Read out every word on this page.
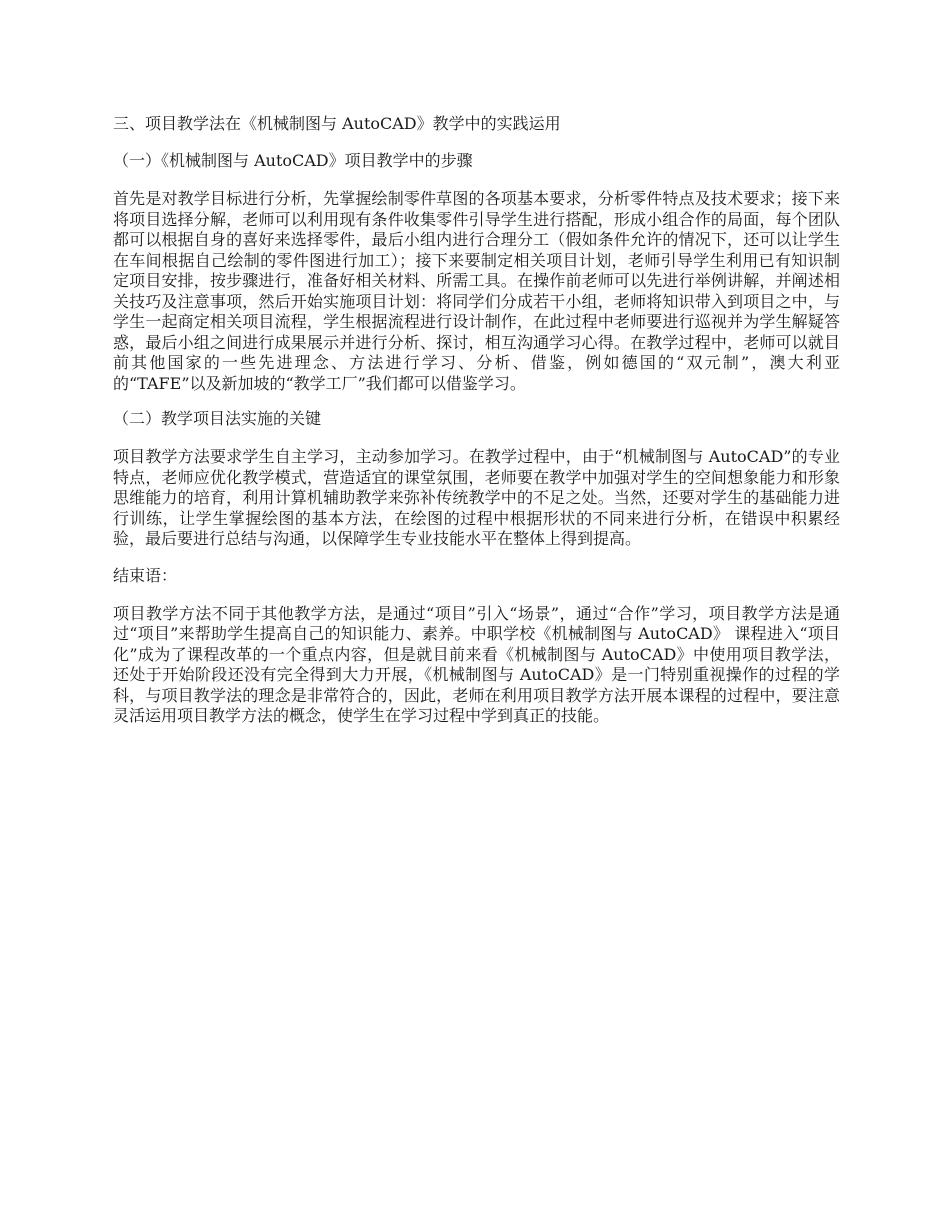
三、项目教学法在《机械制图与 AutoCAD》教学中的实践运用

（一）《机械制图与 AutoCAD》项目教学中的步骤

首先是对教学目标进行分析，先掌握绘制零件草图的各项基本要求，分析零件特点及技术要求；接下来将项目选择分解，老师可以利用现有条件收集零件引导学生进行搭配，形成小组合作的局面，每个团队都可以根据自身的喜好来选择零件，最后小组内进行合理分工（假如条件允许的情况下，还可以让学生在车间根据自己绘制的零件图进行加工）；接下来要制定相关项目计划，老师引导学生利用已有知识制定项目安排，按步骤进行，准备好相关材料、所需工具。在操作前老师可以先进行举例讲解，并阐述相关技巧及注意事项，然后开始实施项目计划：将同学们分成若干小组，老师将知识带入到项目之中，与学生一起商定相关项目流程，学生根据流程进行设计制作，在此过程中老师要进行巡视并为学生解疑答惑，最后小组之间进行成果展示并进行分析、探讨，相互沟通学习心得。在教学过程中，老师可以就目前其他国家的一些先进理念、方法进行学习、分析、借鉴，例如德国的“双元制”，澳大利亚的“TAFE”以及新加坡的“教学工厂”我们都可以借鉴学习。

（二）教学项目法实施的关键

项目教学方法要求学生自主学习，主动参加学习。在教学过程中，由于“机械制图与 AutoCAD”的专业特点，老师应优化教学模式，营造适宜的课堂氛围，老师要在教学中加强对学生的空间想象能力和形象思维能力的培育，利用计算机辅助教学来弥补传统教学中的不足之处。当然，还要对学生的基础能力进行训练，让学生掌握绘图的基本方法，在绘图的过程中根据形状的不同来进行分析，在错误中积累经验，最后要进行总结与沟通，以保障学生专业技能水平在整体上得到提高。

结束语：

项目教学方法不同于其他教学方法，是通过“项目”引入“场景”，通过“合作”学习，项目教学方法是通过“项目”来帮助学生提高自己的知识能力、素养。中职学校《机械制图与 AutoCAD》 课程进入“项目化”成为了课程改革的一个重点内容，但是就目前来看《机械制图与 AutoCAD》中使用项目教学法，还处于开始阶段还没有完全得到大力开展，《机械制图与 AutoCAD》是一门特别重视操作的过程的学科，与项目教学法的理念是非常符合的，因此，老师在利用项目教学方法开展本课程的过程中，要注意灵活运用项目教学方法的概念，使学生在学习过程中学到真正的技能。
